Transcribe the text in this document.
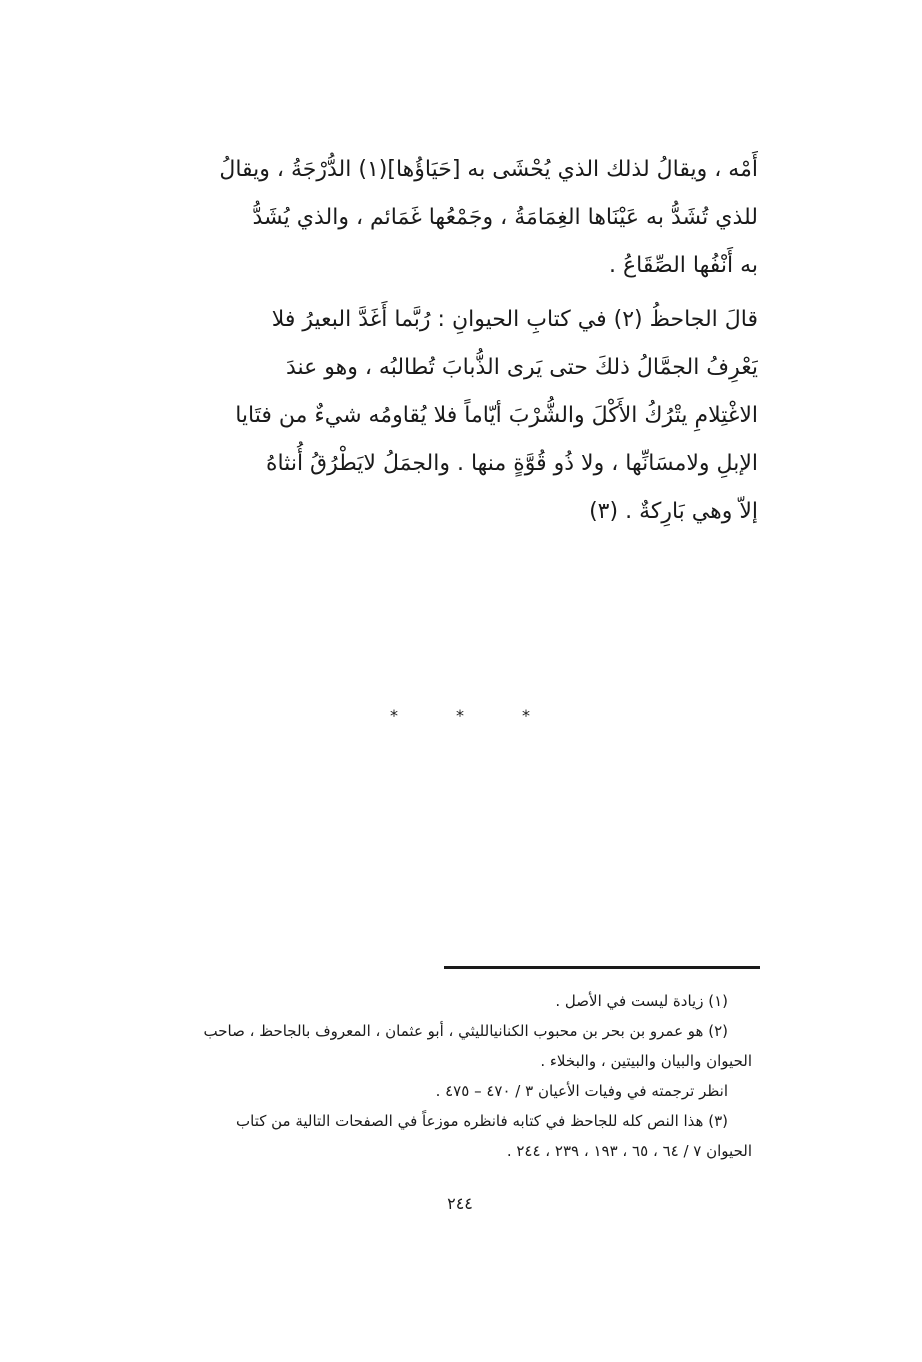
أَمْه ، ويقالُ لذلك الذي يُحْشَى به [حَيَاؤُها](١) الدُّرْجَةُ ، ويقالُ
للذي تُشَدُّ به عَيْنَاها الغِمَامَةُ ، وجَمْعُها غَمَائم ، والذي يُشَدُّ
به أَنْفُها الصِّقَاعُ .
قالَ الجاحظُ (٢) في كتابِ الحيوانِ : رُبَّما أَغَدَّ البعيرُ فلا
يَعْرِفُ الجمَّالُ ذلكَ حتى يَرى الذُّبابَ تُطالبُه ، وهو عندَ
الاغْتِلامِ يتْرُكُ الأَكْلَ والشُّرْبَ أيّاماً فلا يُقاومُه شيءٌ من فتَايا
الإبلِ ولامسَانِّها ، ولا ذُو قُوَّةٍ منها . والجمَلُ لايَطْرُقُ أُنثاهُ
إلاّ وهي بَارِكةٌ . (٣)
*	*	*
(١) زيادة ليست في الأصل .
(٢) هو عمرو بن بحر بن محبوب الكنانيالليثي ، أبو عثمان ، المعروف بالجاحظ ، صاحب
الحيوان والبيان والبيتين ، والبخلاء .
انظر ترجمته في وفيات الأعيان ٣ / ٤٧٠ – ٤٧٥ .
(٣) هذا النص كله للجاحظ في كتابه فانظره موزعاً في الصفحات التالية من كتاب
الحيوان ٧ / ٦٤ ، ٦٥ ، ١٩٣ ، ٢٣٩ ، ٢٤٤ .
٢٤٤
